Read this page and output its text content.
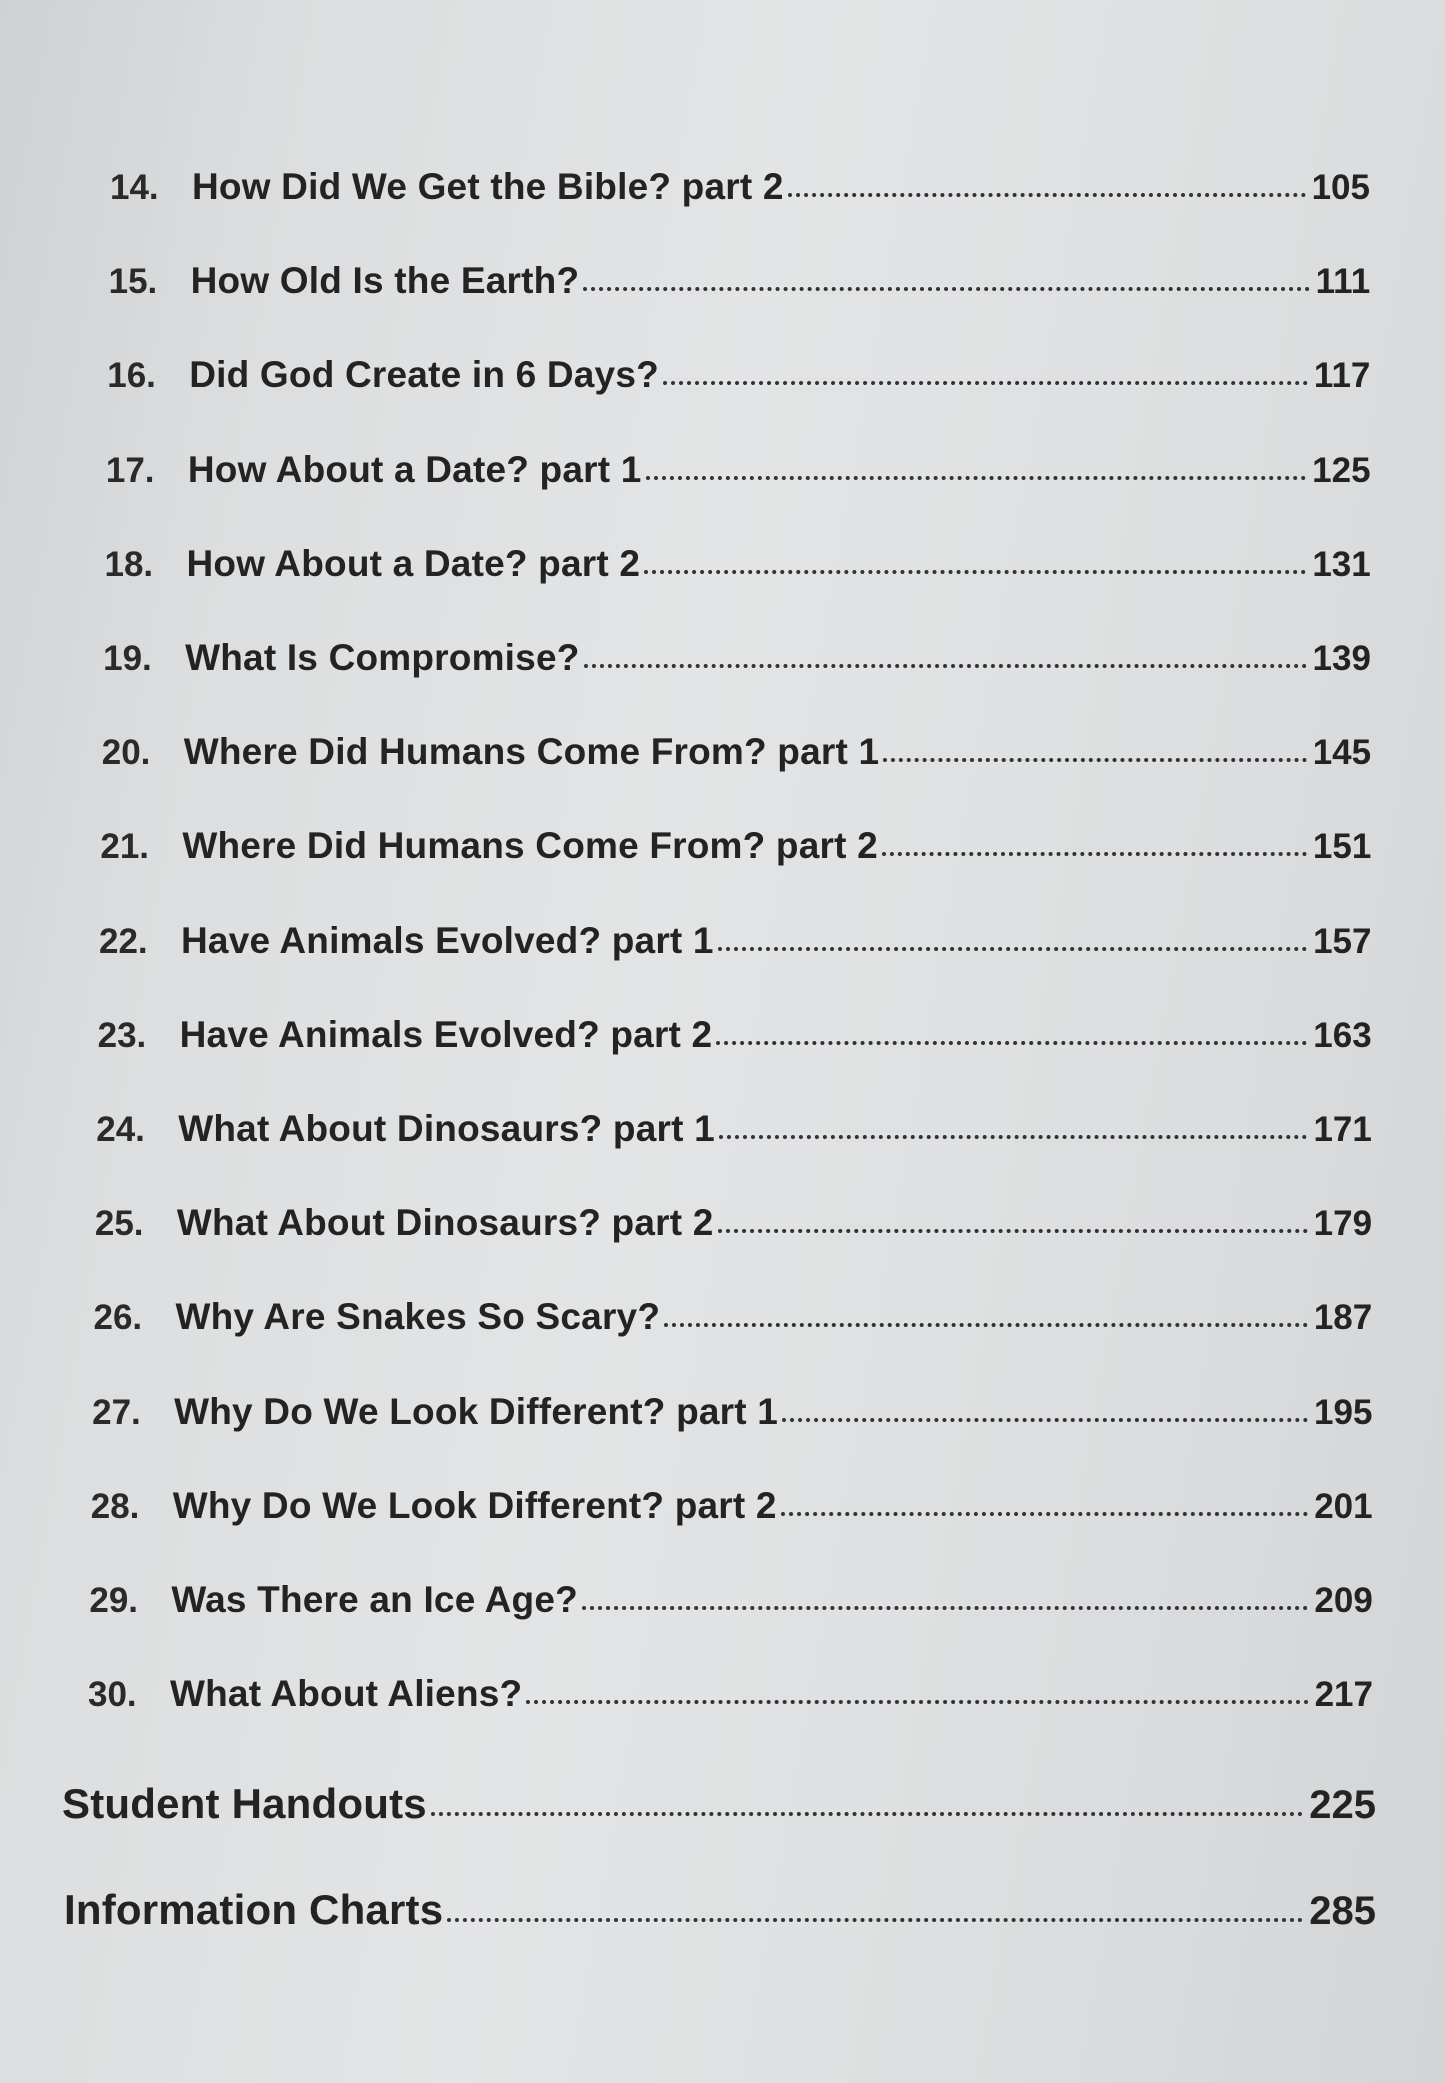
14. How Did We Get the Bible? part 2	105
15. How Old Is the Earth?	111
16. Did God Create in 6 Days?	117
17. How About a Date? part 1	125
18. How About a Date? part 2	131
19. What Is Compromise?	139
20. Where Did Humans Come From? part 1	145
21. Where Did Humans Come From? part 2	151
22. Have Animals Evolved? part 1	157
23. Have Animals Evolved? part 2	163
24. What About Dinosaurs? part 1	171
25. What About Dinosaurs? part 2	179
26. Why Are Snakes So Scary?	187
27. Why Do We Look Different? part 1	195
28. Why Do We Look Different? part 2	201
29. Was There an Ice Age?	209
30. What About Aliens?	217
Student Handouts	225
Information Charts	285
